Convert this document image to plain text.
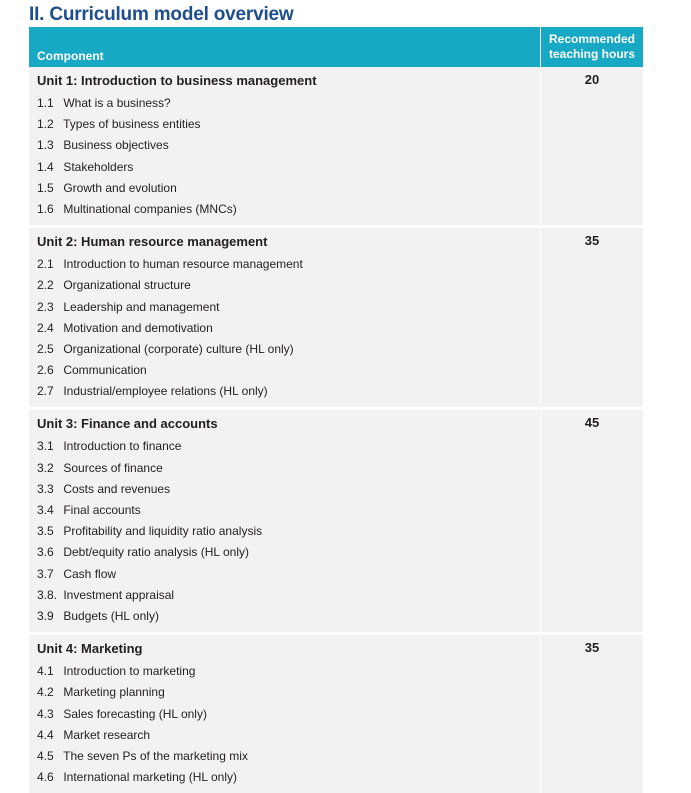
II. Curriculum model overview
Component
Recommended teaching hours
Unit 1: Introduction to business management
1.1 What is a business?
1.2 Types of business entities
1.3 Business objectives
1.4 Stakeholders
1.5 Growth and evolution
1.6 Multinational companies (MNCs)
20
Unit 2: Human resource management
2.1 Introduction to human resource management
2.2 Organizational structure
2.3 Leadership and management
2.4 Motivation and demotivation
2.5 Organizational (corporate) culture (HL only)
2.6 Communication
2.7 Industrial/employee relations (HL only)
35
Unit 3: Finance and accounts
3.1 Introduction to finance
3.2 Sources of finance
3.3 Costs and revenues
3.4 Final accounts
3.5 Profitability and liquidity ratio analysis
3.6 Debt/equity ratio analysis (HL only)
3.7 Cash flow
3.8. Investment appraisal
3.9 Budgets (HL only)
45
Unit 4: Marketing
4.1 Introduction to marketing
4.2 Marketing planning
4.3 Sales forecasting (HL only)
4.4 Market research
4.5 The seven Ps of the marketing mix
4.6 International marketing (HL only)
35
